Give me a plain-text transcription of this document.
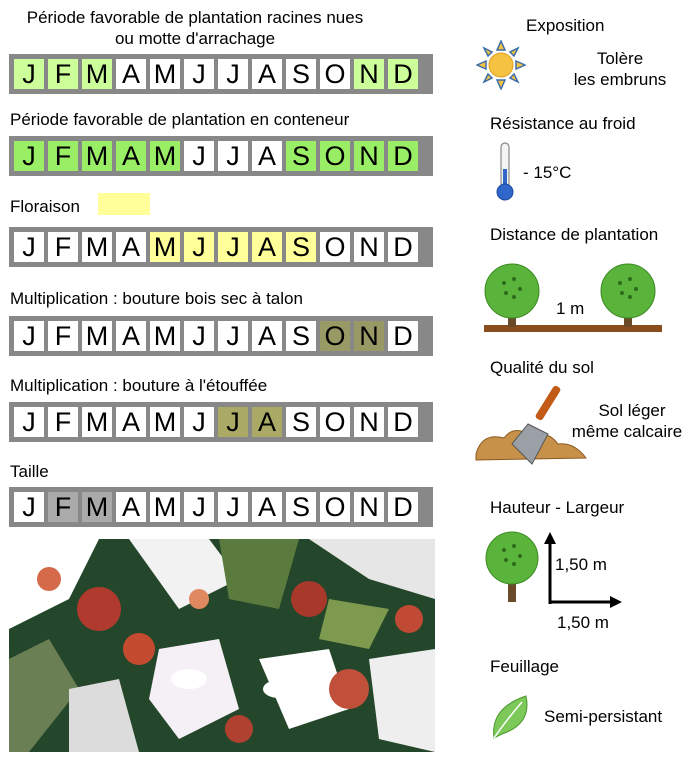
Période favorable de plantation racines nues
ou motte d'arrachage
J F M A M J J A S O N D
Période favorable de plantation en conteneur
J F M A M J J A S O N D
Floraison
J F M A M J J A S O N D
Multiplication : bouture bois sec à talon
J F M A M J J A S O N D
Multiplication : bouture à l'étouffée
J F M A M J J A S O N D
Taille
J F M A M J J A S O N D
Exposition
Tolère
les embruns
Résistance au froid
- 15°C
Distance de plantation
1 m
Qualité du sol
Sol léger
même calcaire
Hauteur - Largeur
1,50 m
1,50 m
Feuillage
Semi-persistant
